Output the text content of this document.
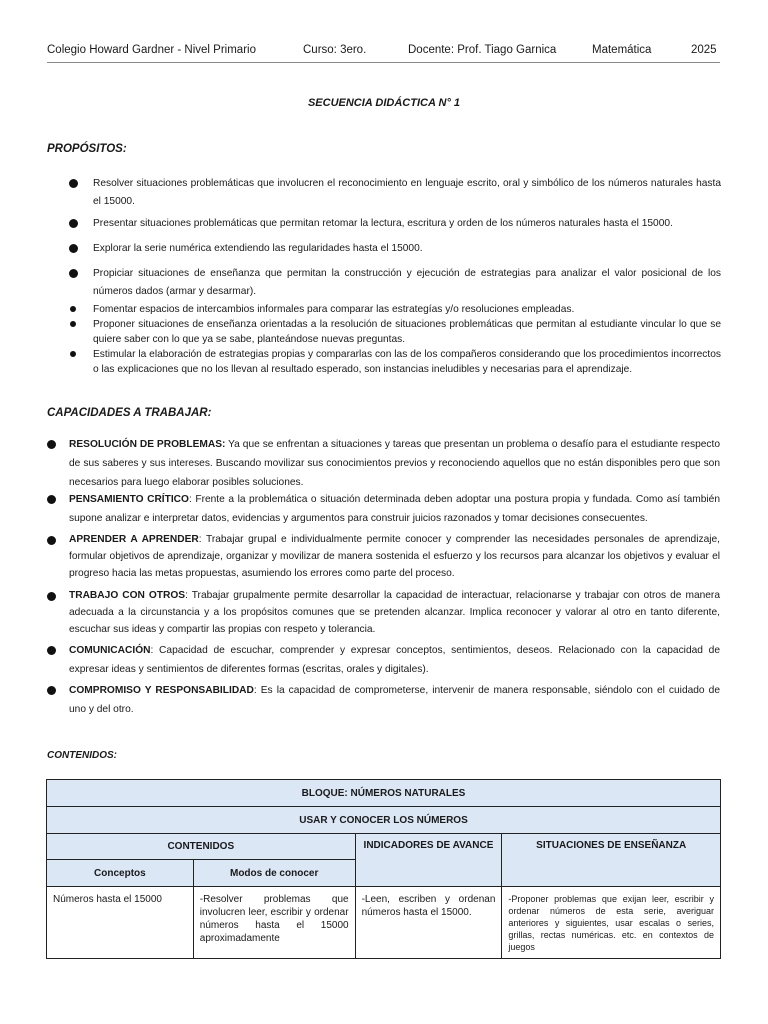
Colegio Howard Gardner - Nivel Primario	Curso: 3ero.	Docente: Prof. Tiago Garnica	Matemática	2025
SECUENCIA DIDÁCTICA N° 1
PROPÓSITOS:
Resolver situaciones problemáticas que involucren el reconocimiento en lenguaje escrito, oral y simbólico de los números naturales hasta el 15000.
Presentar situaciones problemáticas que permitan retomar la lectura, escritura y orden de los números naturales hasta el 15000.
Explorar la serie numérica extendiendo las regularidades hasta el 15000.
Propiciar situaciones de enseñanza que permitan la construcción y ejecución de estrategias para analizar el valor posicional de los números dados (armar y desarmar).
Fomentar espacios de intercambios informales para comparar las estrategías y/o resoluciones empleadas.
Proponer situaciones de enseñanza orientadas a la resolución de situaciones problemáticas que permitan al estudiante vincular lo que se quiere saber con lo que ya se sabe, planteándose nuevas preguntas.
Estimular la elaboración de estrategias propias y compararlas con las de los compañeros considerando que los procedimientos incorrectos o las explicaciones que no los llevan al resultado esperado, son instancias ineludibles y necesarias para el aprendizaje.
CAPACIDADES A TRABAJAR:
RESOLUCIÓN DE PROBLEMAS: Ya que se enfrentan a situaciones y tareas que presentan un problema o desafío para el estudiante respecto de sus saberes y sus intereses. Buscando movilizar sus conocimientos previos y reconociendo aquellos que no están disponibles pero que son necesarios para luego elaborar posibles soluciones.
PENSAMIENTO CRÍTICO: Frente a la problemática o situación determinada deben adoptar una postura propia y fundada. Como así también supone analizar e interpretar datos, evidencias y argumentos para construir juicios razonados y tomar decisiones consecuentes.
APRENDER A APRENDER: Trabajar grupal e individualmente permite conocer y comprender las necesidades personales de aprendizaje, formular objetivos de aprendizaje, organizar y movilizar de manera sostenida el esfuerzo y los recursos para alcanzar los objetivos y evaluar el progreso hacia las metas propuestas, asumiendo los errores como parte del proceso.
TRABAJO CON OTROS: Trabajar grupalmente permite desarrollar la capacidad de interactuar, relacionarse y trabajar con otros de manera adecuada a la circunstancia y a los propósitos comunes que se pretenden alcanzar. Implica reconocer y valorar al otro en tanto diferente, escuchar sus ideas y compartir las propias con respeto y tolerancia.
COMUNICACIÓN: Capacidad de escuchar, comprender y expresar conceptos, sentimientos, deseos. Relacionado con la capacidad de expresar ideas y sentimientos de diferentes formas (escritas, orales y digitales).
COMPROMISO Y RESPONSABILIDAD: Es la capacidad de comprometerse, intervenir de manera responsable, siéndolo con el cuidado de uno y del otro.
CONTENIDOS:
BLOQUE: NÚMEROS NATURALES			
USAR Y CONOCER LOS NÚMEROS			
CONTENIDOS		INDICADORES DE AVANCE	SITUACIONES DE ENSEÑANZA
Conceptos	Modos de conocer		
Números hasta el 15000	-Resolver problemas que involucren leer, escribir y ordenar números hasta el 15000 aproximadamente	-Leen, escriben y ordenan números hasta el 15000.	-Proponer problemas que exijan leer, escribir y ordenar números de esta serie, averiguar anteriores y siguientes, usar escalas o series, grillas, rectas numéricas. etc. en contextos de juegos
